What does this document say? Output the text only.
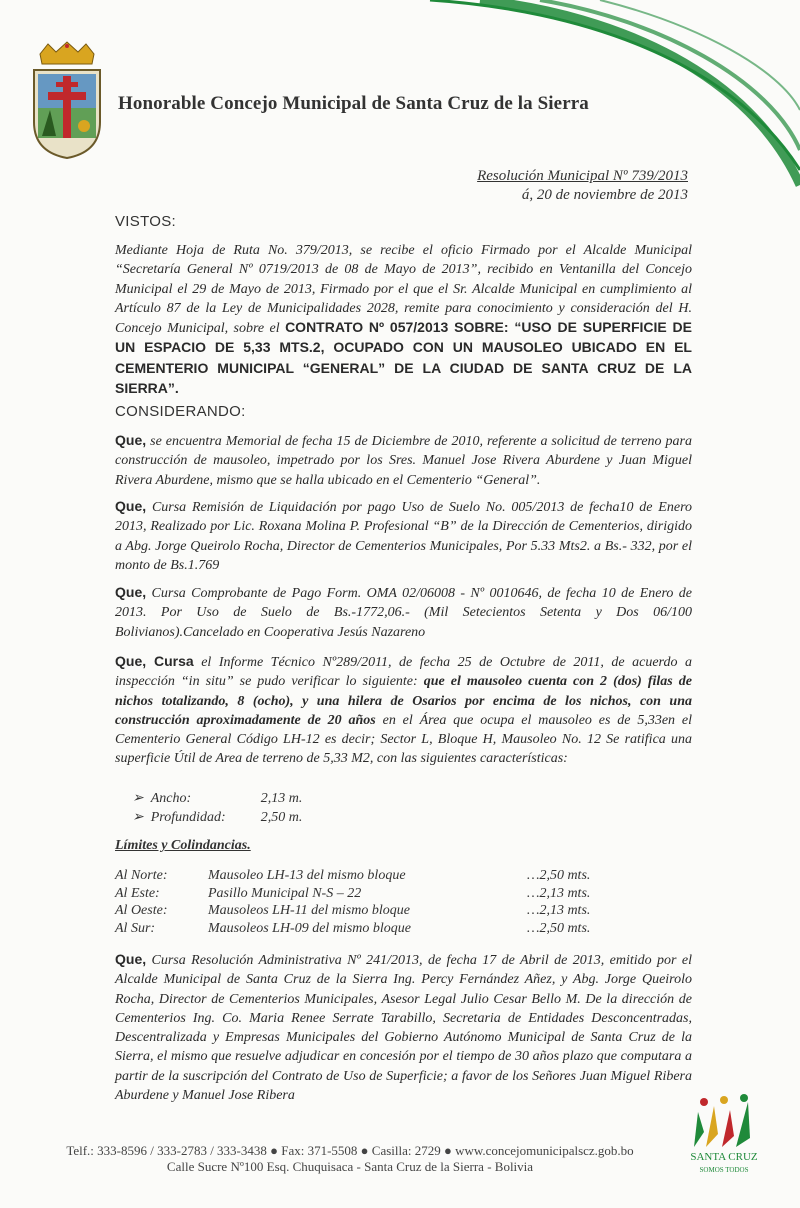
Honorable Concejo Municipal de Santa Cruz de la Sierra
Resolución Municipal Nº 739/2013
á, 20 de noviembre de 2013
VISTOS:
Mediante Hoja de Ruta No. 379/2013, se recibe el oficio Firmado por el Alcalde Municipal “Secretaría General Nº 0719/2013 de 08 de Mayo de 2013”, recibido en Ventanilla del Concejo Municipal el 29 de Mayo de 2013, Firmado por el que el Sr. Alcalde Municipal en cumplimiento al Artículo 87 de la Ley de Municipalidades 2028, remite para conocimiento y consideración del H. Concejo Municipal, sobre el CONTRATO Nº 057/2013 SOBRE: “USO DE SUPERFICIE DE UN ESPACIO DE 5,33 MTS.2, OCUPADO CON UN MAUSOLEO UBICADO EN EL CEMENTERIO MUNICIPAL “GENERAL” DE LA CIUDAD DE SANTA CRUZ DE LA SIERRA”.
CONSIDERANDO:
Que, se encuentra Memorial de fecha 15 de Diciembre de 2010, referente a solicitud de terreno para construcción de mausoleo, impetrado por los Sres. Manuel Jose Rivera Aburdene y Juan Miguel Rivera Aburdene, mismo que se halla ubicado en el Cementerio “General”.
Que, Cursa Remisión de Liquidación por pago Uso de Suelo No. 005/2013 de fecha10 de Enero 2013, Realizado por Lic. Roxana Molina P. Profesional “B” de la Dirección de Cementerios, dirigido a Abg. Jorge Queirolo Rocha, Director de Cementerios Municipales, Por 5.33 Mts2. a Bs.- 332, por el monto de Bs.1.769
Que, Cursa Comprobante de Pago Form. OMA 02/06008 - Nº 0010646, de fecha 10 de Enero de 2013. Por Uso de Suelo de Bs.-1772,06.- (Mil Setecientos Setenta y Dos 06/100 Bolivianos).Cancelado en Cooperativa Jesús Nazareno
Que, Cursa el Informe Técnico Nº289/2011, de fecha 25 de Octubre de 2011, de acuerdo a inspección “in situ” se pudo verificar lo siguiente: que el mausoleo cuenta con 2 (dos) filas de nichos totalizando, 8 (ocho), y una hilera de Osarios por encima de los nichos, con una construcción aproximadamente de 20 años en el Área que ocupa el mausoleo es de 5,33en el Cementerio General Código LH-12 es decir; Sector L, Bloque H, Mausoleo No. 12 Se ratifica una superficie Útil de Area de terreno de 5,33 M2, con las siguientes características:
➢  Ancho:	2,13 m.
➢  Profundidad:	2,50 m.
Límites y Colindancias.
Al Norte:	Mausoleo LH-13 del mismo bloque	…2,50 mts.
Al Este:	Pasillo Municipal N-S – 22	…2,13 mts.
Al Oeste:	Mausoleos LH-11 del mismo bloque	…2,13 mts.
Al Sur:	Mausoleos LH-09 del mismo bloque	…2,50 mts.
Que, Cursa Resolución Administrativa Nº 241/2013, de fecha 17 de Abril de 2013, emitido por el Alcalde Municipal de Santa Cruz de la Sierra Ing. Percy Fernández Añez, y Abg. Jorge Queirolo Rocha, Director de Cementerios Municipales, Asesor Legal Julio Cesar Bello M. De la dirección de Cementerios Ing. Co. Maria Renee Serrate Tarabillo, Secretaria de Entidades Desconcentradas, Descentralizada y Empresas Municipales del Gobierno Autónomo Municipal de Santa Cruz de la Sierra, el mismo que resuelve adjudicar en concesión por el tiempo de 30 años plazo que computara a partir de la suscripción del Contrato de Uso de Superficie; a favor de los Señores Juan Miguel Ribera Aburdene y Manuel Jose Ribera
Telf.: 333-8596 / 333-2783 / 333-3438 ● Fax: 371-5508 ● Casilla: 2729 ● www.concejomunicipalscz.gob.bo
Calle Sucre Nº100 Esq. Chuquisaca - Santa Cruz de la Sierra - Bolivia
SANTA CRUZ
SOMOS TODOS
